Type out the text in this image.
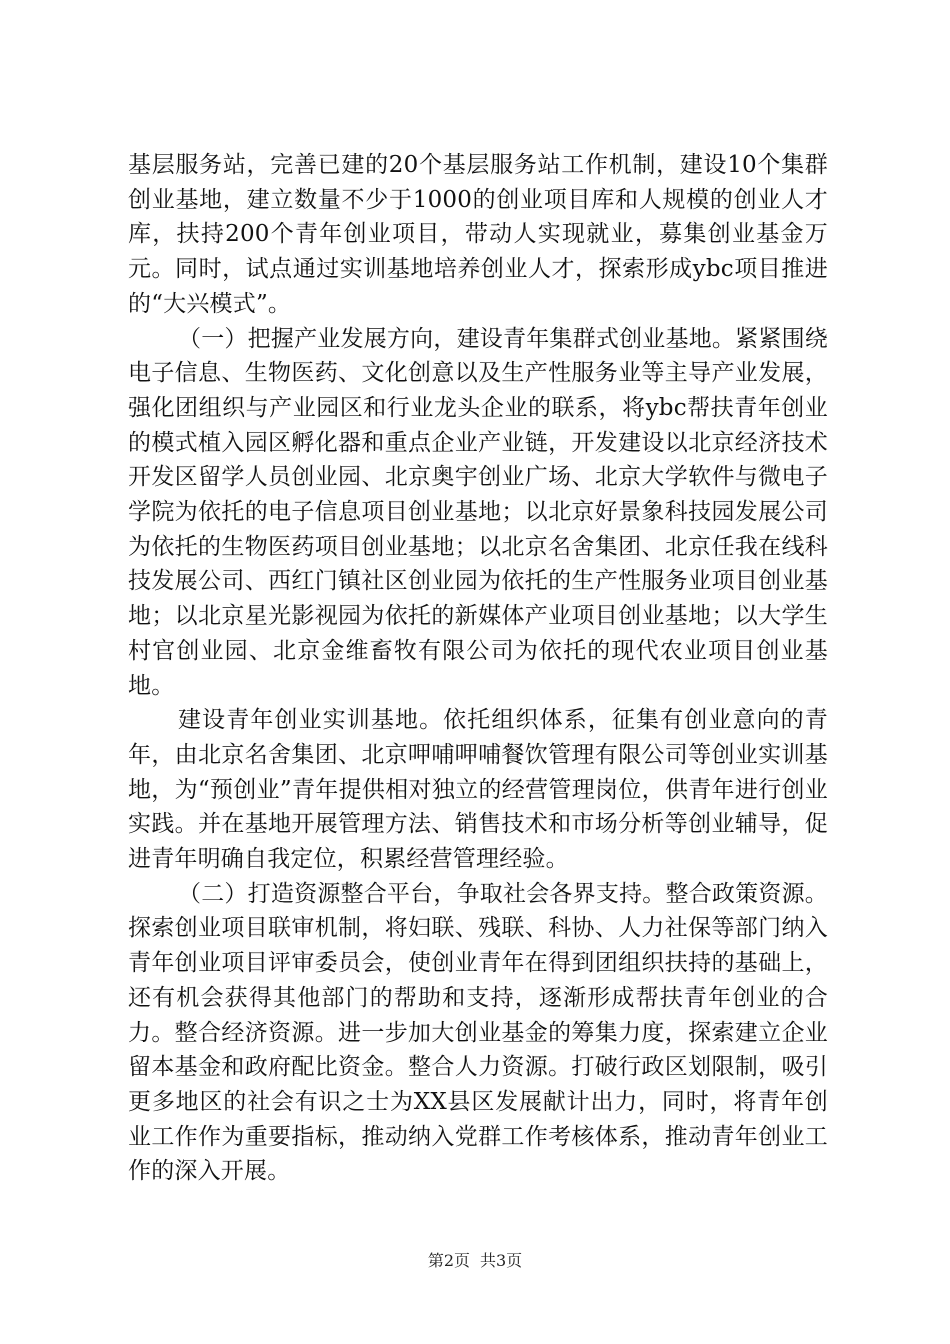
基层服务站，完善已建的20个基层服务站工作机制，建设10个集群创业基地，建立数量不少于1000的创业项目库和人规模的创业人才库，扶持200个青年创业项目，带动人实现就业，募集创业基金万元。同时，试点通过实训基地培养创业人才，探索形成ybc项目推进的“大兴模式”。

（一）把握产业发展方向，建设青年集群式创业基地。紧紧围绕电子信息、生物医药、文化创意以及生产性服务业等主导产业发展，强化团组织与产业园区和行业龙头企业的联系，将ybc帮扶青年创业的模式植入园区孵化器和重点企业产业链，开发建设以北京经济技术开发区留学人员创业园、北京奥宇创业广场、北京大学软件与微电子学院为依托的电子信息项目创业基地；以北京好景象科技园发展公司为依托的生物医药项目创业基地；以北京名舍集团、北京任我在线科技发展公司、西红门镇社区创业园为依托的生产性服务业项目创业基地；以北京星光影视园为依托的新媒体产业项目创业基地；以大学生村官创业园、北京金维畜牧有限公司为依托的现代农业项目创业基地。

建设青年创业实训基地。依托组织体系，征集有创业意向的青年，由北京名舍集团、北京呷哺呷哺餐饮管理有限公司等创业实训基地，为“预创业”青年提供相对独立的经营管理岗位，供青年进行创业实践。并在基地开展管理方法、销售技术和市场分析等创业辅导，促进青年明确自我定位，积累经营管理经验。

（二）打造资源整合平台，争取社会各界支持。整合政策资源。探索创业项目联审机制，将妇联、残联、科协、人力社保等部门纳入青年创业项目评审委员会，使创业青年在得到团组织扶持的基础上，还有机会获得其他部门的帮助和支持，逐渐形成帮扶青年创业的合力。整合经济资源。进一步加大创业基金的筹集力度，探索建立企业留本基金和政府配比资金。整合人力资源。打破行政区划限制，吸引更多地区的社会有识之士为XX县区发展献计出力，同时，将青年创业工作作为重要指标，推动纳入党群工作考核体系，推动青年创业工作的深入开展。

第2页 共3页
